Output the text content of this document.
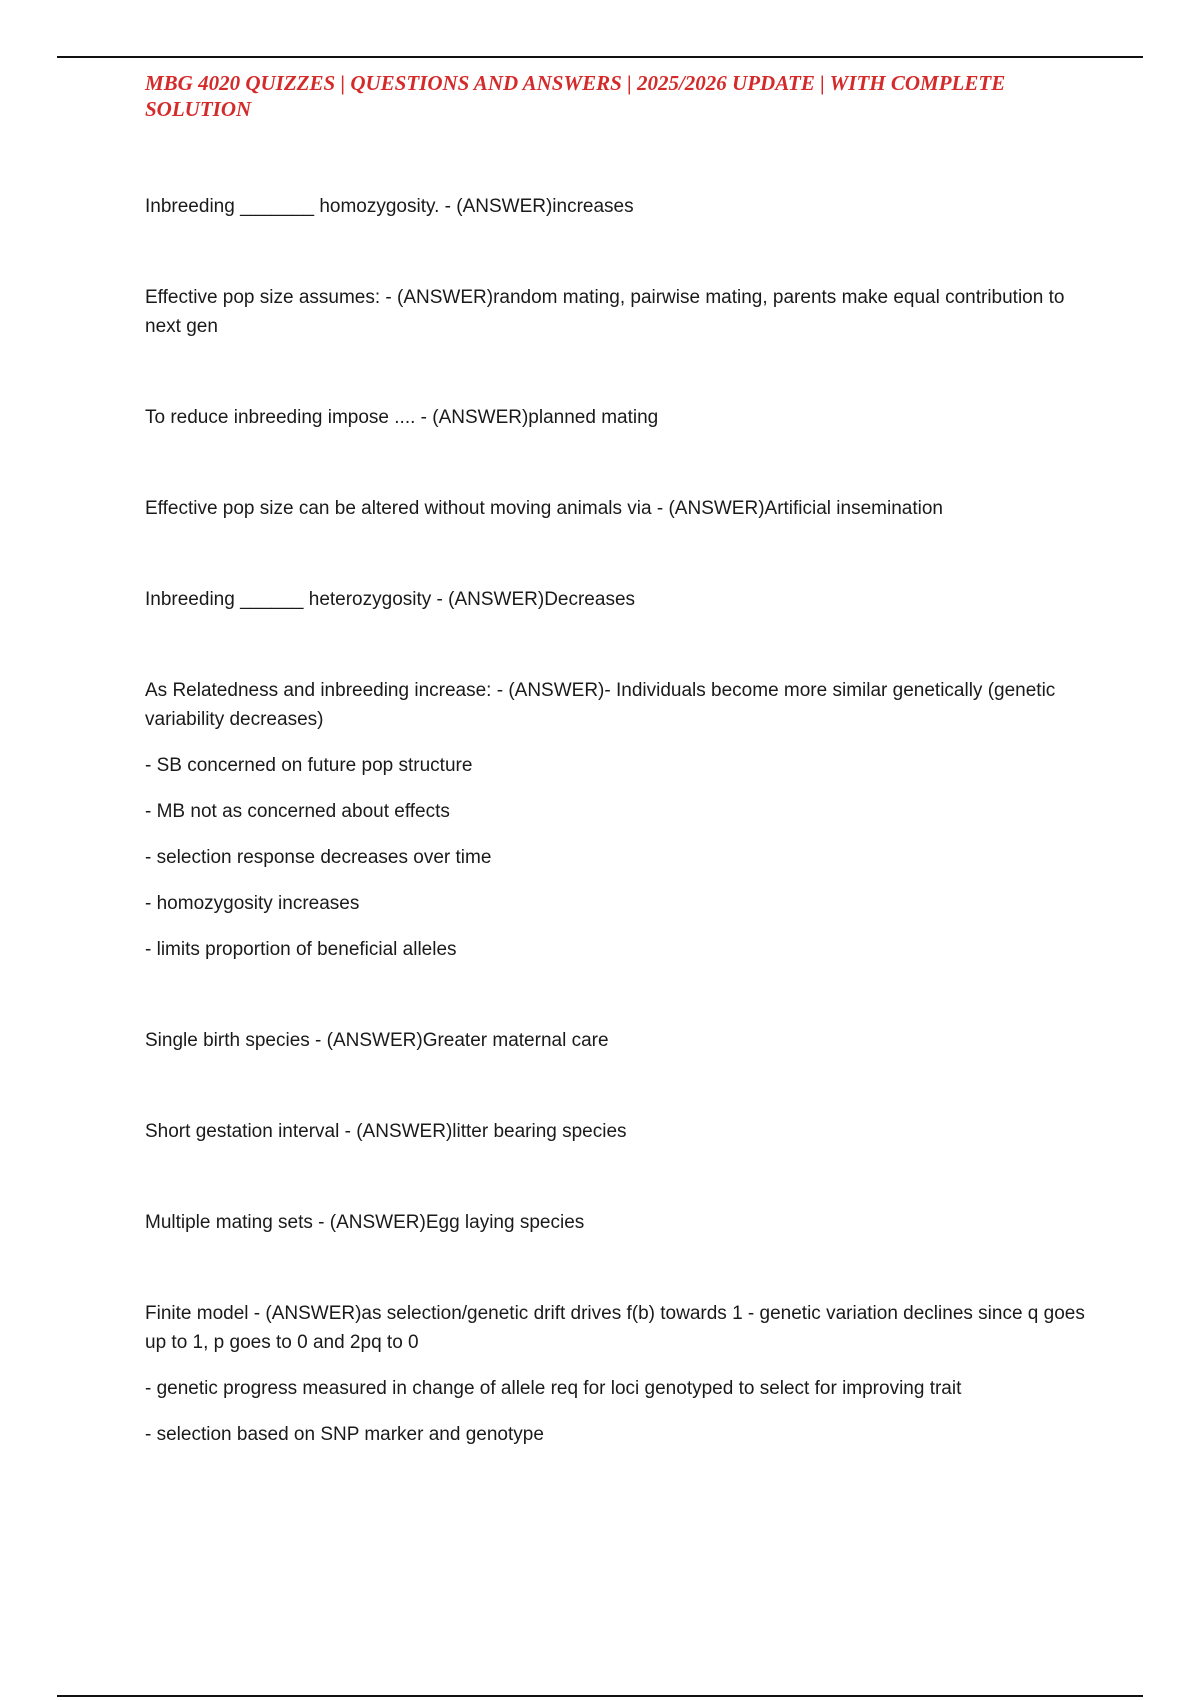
MBG 4020 QUIZZES | QUESTIONS AND ANSWERS | 2025/2026 UPDATE | WITH COMPLETE SOLUTION

Inbreeding _______ homozygosity. - (ANSWER)increases

Effective pop size assumes: - (ANSWER)random mating, pairwise mating, parents make equal contribution to next gen

To reduce inbreeding impose .... - (ANSWER)planned mating

Effective pop size can be altered without moving animals via - (ANSWER)Artificial insemination

Inbreeding ______ heterozygosity - (ANSWER)Decreases

As Relatedness and inbreeding increase: - (ANSWER)- Individuals become more similar genetically (genetic variability decreases)

- SB concerned on future pop structure

- MB not as concerned about effects

- selection response decreases over time

- homozygosity increases

- limits proportion of beneficial alleles

Single birth species - (ANSWER)Greater maternal care

Short gestation interval - (ANSWER)litter bearing species

Multiple mating sets - (ANSWER)Egg laying species

Finite model - (ANSWER)as selection/genetic drift drives f(b) towards 1 - genetic variation declines since q goes up to 1, p goes to 0 and 2pq to 0

- genetic progress measured in change of allele req for loci genotyped to select for improving trait

- selection based on SNP marker and genotype
